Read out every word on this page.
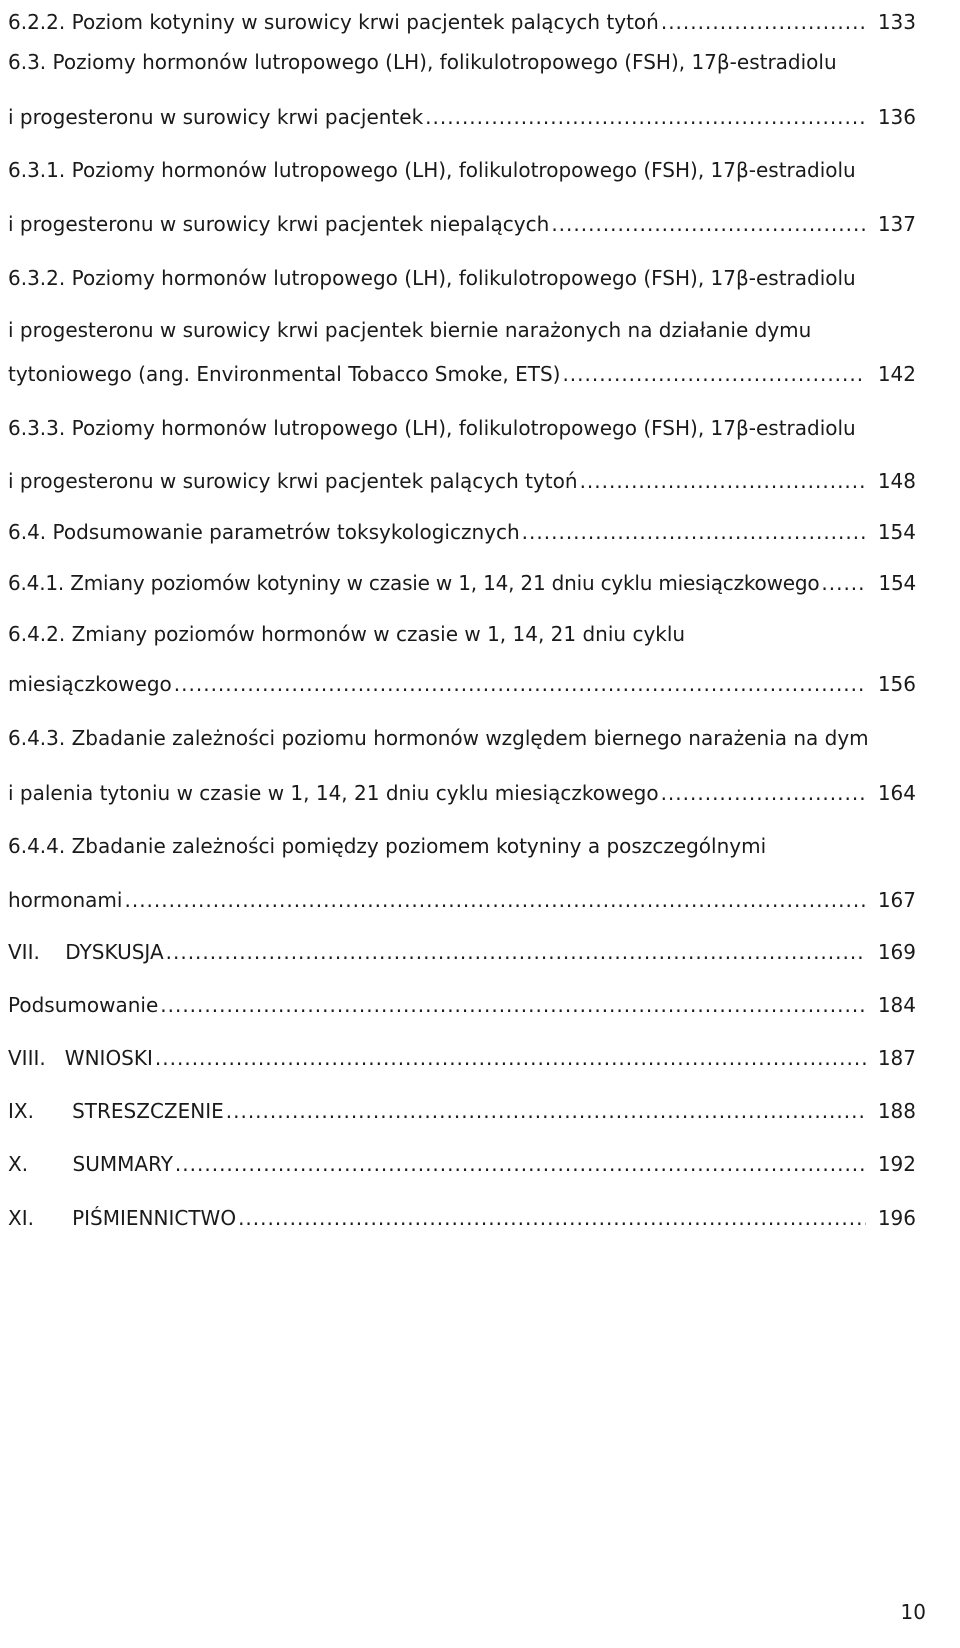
6.2.2. Poziom kotyniny w surowicy krwi pacjentek palących tytoń .....	133
6.3. Poziomy hormonów lutropowego (LH), folikulotropowego (FSH), 17β-estradiolu
i progesteronu w surowicy krwi pacjentek .....	136
6.3.1. Poziomy hormonów lutropowego (LH), folikulotropowego (FSH), 17β-estradiolu
i progesteronu w surowicy krwi pacjentek niepalących .....	137
6.3.2. Poziomy hormonów lutropowego (LH), folikulotropowego (FSH), 17β-estradiolu
i progesteronu w surowicy krwi pacjentek biernie narażonych na działanie dymu
tytoniowego (ang. Environmental Tobacco Smoke, ETS) .....	142
6.3.3. Poziomy hormonów lutropowego (LH), folikulotropowego (FSH), 17β-estradiolu
i progesteronu w surowicy krwi pacjentek palących tytoń .....	148
6.4. Podsumowanie parametrów toksykologicznych .....	154
6.4.1. Zmiany poziomów kotyniny w czasie w 1, 14, 21 dniu cyklu miesiączkowego .....	154
6.4.2. Zmiany poziomów hormonów w czasie w 1, 14, 21 dniu cyklu
miesiączkowego .....	156
6.4.3. Zbadanie zależności poziomu hormonów względem biernego narażenia na dym
i palenia tytoniu w czasie w 1, 14, 21 dniu cyklu miesiączkowego .....	164
6.4.4. Zbadanie zależności pomiędzy poziomem kotyniny a poszczególnymi
hormonami .....	167
VII.    DYSKUSJA .....	169
Podsumowanie .....	184
VIII.   WNIOSKI .....	187
IX.      STRESZCZENIE .....	188
X.       SUMMARY .....	192
XI.      PIŚMIENNICTWO .....	196
10
